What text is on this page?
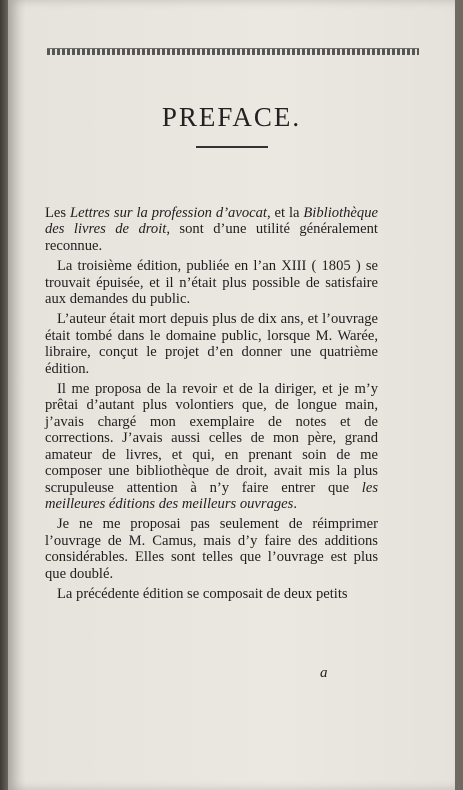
PREFACE.

Les Lettres sur la profession d’avocat, et la Bibliothèque des livres de droit, sont d’une utilité généralement reconnue.

La troisième édition, publiée en l’an XIII ( 1805 ) se trouvait épuisée, et il n’était plus possible de satisfaire aux demandes du public.

L’auteur était mort depuis plus de dix ans, et l’ouvrage était tombé dans le domaine public, lorsque M. Warée, libraire, conçut le projet d’en donner une quatrième édition.

Il me proposa de la revoir et de la diriger, et je m’y prêtai d’autant plus volontiers que, de longue main, j’avais chargé mon exemplaire de notes et de corrections. J’avais aussi celles de mon père, grand amateur de livres, et qui, en prenant soin de me composer une bibliothèque de droit, avait mis la plus scrupuleuse attention à n’y faire entrer que les meilleures éditions des meilleurs ouvrages.

Je ne me proposai pas seulement de réimprimer l’ouvrage de M. Camus, mais d’y faire des additions considérables. Elles sont telles que l’ouvrage est plus que doublé.

La précédente édition se composait de deux petits

a
